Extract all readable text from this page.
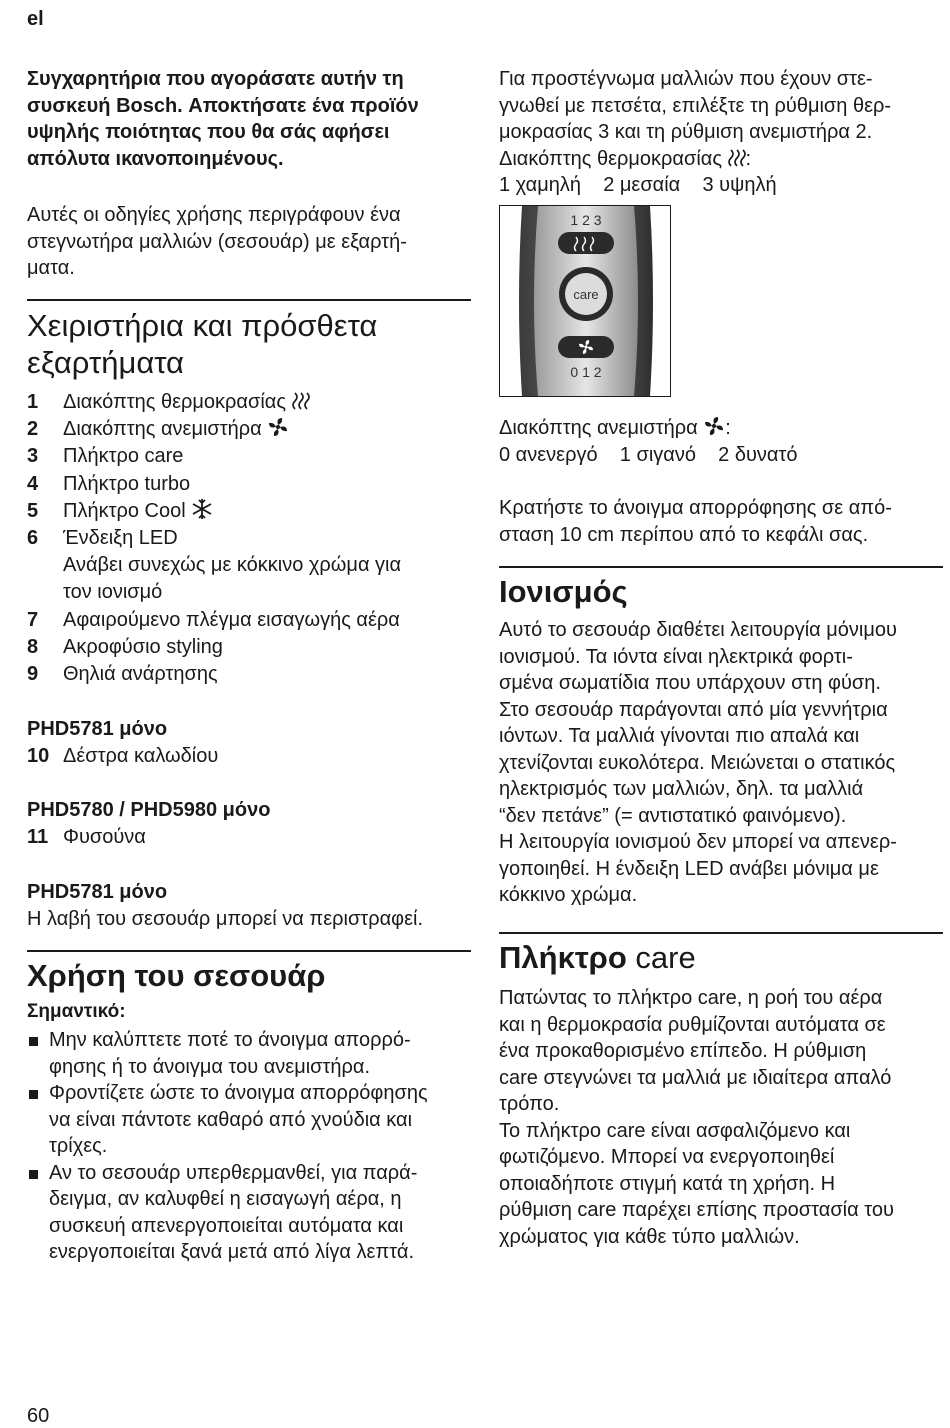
el

Συγχαρητήρια που αγοράσατε αυτήν τη

συσκευή Bosch. Αποκτήσατε ένα προϊόν

υψηλής ποιότητας που θα σάς αφήσει

απόλυτα ικανοποιημένους.

Αυτές οι οδηγίες χρήσης περιγράφουν ένα

στεγνωτήρα μαλλιών (σεσουάρ) με εξαρτή-

ματα.

Χειριστήρια και πρόσθετα
εξαρτήματα
1 Διακόπτης θερμοκρασίας
2 Διακόπτης ανεμιστήρα
3 Πλήκτρο care
4 Πλήκτρο turbo
5 Πλήκτρο Cool
6 Ένδειξη LED
Ανάβει συνεχώς με κόκκινο χρώμα για
τον ιονισμό
7 Αφαιρούμενο πλέγμα εισαγωγής αέρα
8 Ακροφύσιο styling
9 Θηλιά ανάρτησης

PHD5781 μόνο

10 Δέστρα καλωδίου

PHD5780 / PHD5980 μόνο

11 Φυσούνα

PHD5781 μόνο

Η λαβή του σεσουάρ μπορεί να περιστραφεί.

Χρήση του σεσουάρ

Σημαντικό:

Μην καλύπτετε ποτέ το άνοιγμα απορρό-
φησης ή το άνοιγμα του ανεμιστήρα.
Φροντίζετε ώστε το άνοιγμα απορρόφησης
να είναι πάντοτε καθαρό από χνούδια και
τρίχες.
Αν το σεσουάρ υπερθερμανθεί, για παρά-
δειγμα, αν καλυφθεί η εισαγωγή αέρα, η
συσκευή απενεργοποιείται αυτόματα και
ενεργοποιείται ξανά μετά από λίγα λεπτά.

Για προστέγνωμα μαλλιών που έχουν στε-

γνωθεί με πετσέτα, επιλέξτε τη ρύθμιση θερ-

μοκρασίας 3 και τη ρύθμιση ανεμιστήρα 2.

Διακόπτης θερμοκρασίας :

1 χαμηλή    2 μεσαία    3 υψηλή

1 2 3
care
0 1 2

Διακόπτης ανεμιστήρα :

0 ανενεργό    1 σιγανό    2 δυνατό

Κρατήστε το άνοιγμα απορρόφησης σε από-

σταση 10 cm περίπου από το κεφάλι σας.

Ιονισμός

Αυτό το σεσουάρ διαθέτει λειτουργία μόνιμου

ιονισμού. Τα ιόντα είναι ηλεκτρικά φορτι-

σμένα σωματίδια που υπάρχουν στη φύση.

Στο σεσουάρ παράγονται από μία γεννήτρια

ιόντων. Τα μαλλιά γίνονται πιο απαλά και

χτενίζονται ευκολότερα. Μειώνεται ο στατικός

ηλεκτρισμός των μαλλιών, δηλ. τα μαλλιά

“δεν πετάνε” (= αντιστατικό φαινόμενο).

Η λειτουργία ιονισμού δεν μπορεί να απενερ-

γοποιηθεί. Η ένδειξη LED ανάβει μόνιμα με

κόκκινο χρώμα.

Πλήκτρο care

Πατώντας το πλήκτρο care, η ροή του αέρα

και η θερμοκρασία ρυθμίζονται αυτόματα σε

ένα προκαθορισμένο επίπεδο. Η ρύθμιση

care στεγνώνει τα μαλλιά με ιδιαίτερα απαλό

τρόπο.

Το πλήκτρο care είναι ασφαλιζόμενο και

φωτιζόμενο. Μπορεί να ενεργοποιηθεί

οποιαδήποτε στιγμή κατά τη χρήση. Η

ρύθμιση care παρέχει επίσης προστασία του

χρώματος για κάθε τύπο μαλλιών.

60
